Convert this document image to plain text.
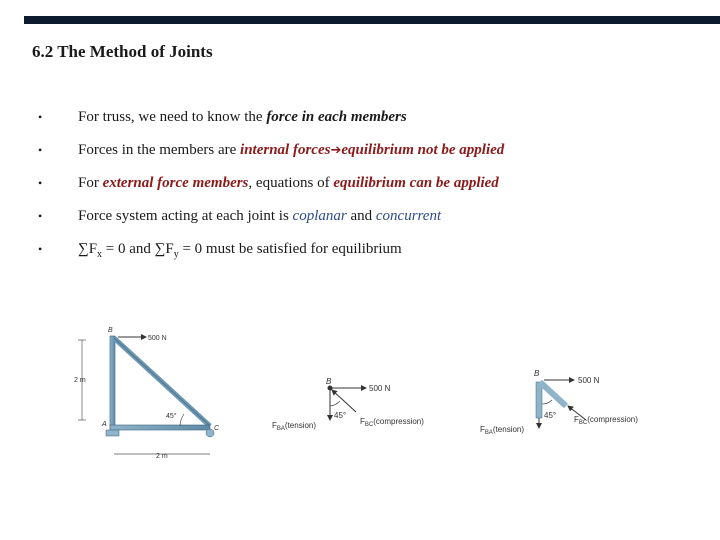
6.2 The Method of Joints
• For truss, we need to know the force in each members
• Forces in the members are internal forces➔equilibrium not be applied
• For external force members, equations of equilibrium can be applied
• Force system acting at each joint is coplanar and concurrent
• $\sum F_x = 0$ and $\sum F_y = 0$ must be satisfied for equilibrium
2 m
500 N
B
A
C
45°
2 m
B
500 N
45°
$F_{BA}(tension)$	$F_{BC}(compression)$
B
500 N
45°
$F_{BA}(tension)$
$F_{BC}(compression)$
